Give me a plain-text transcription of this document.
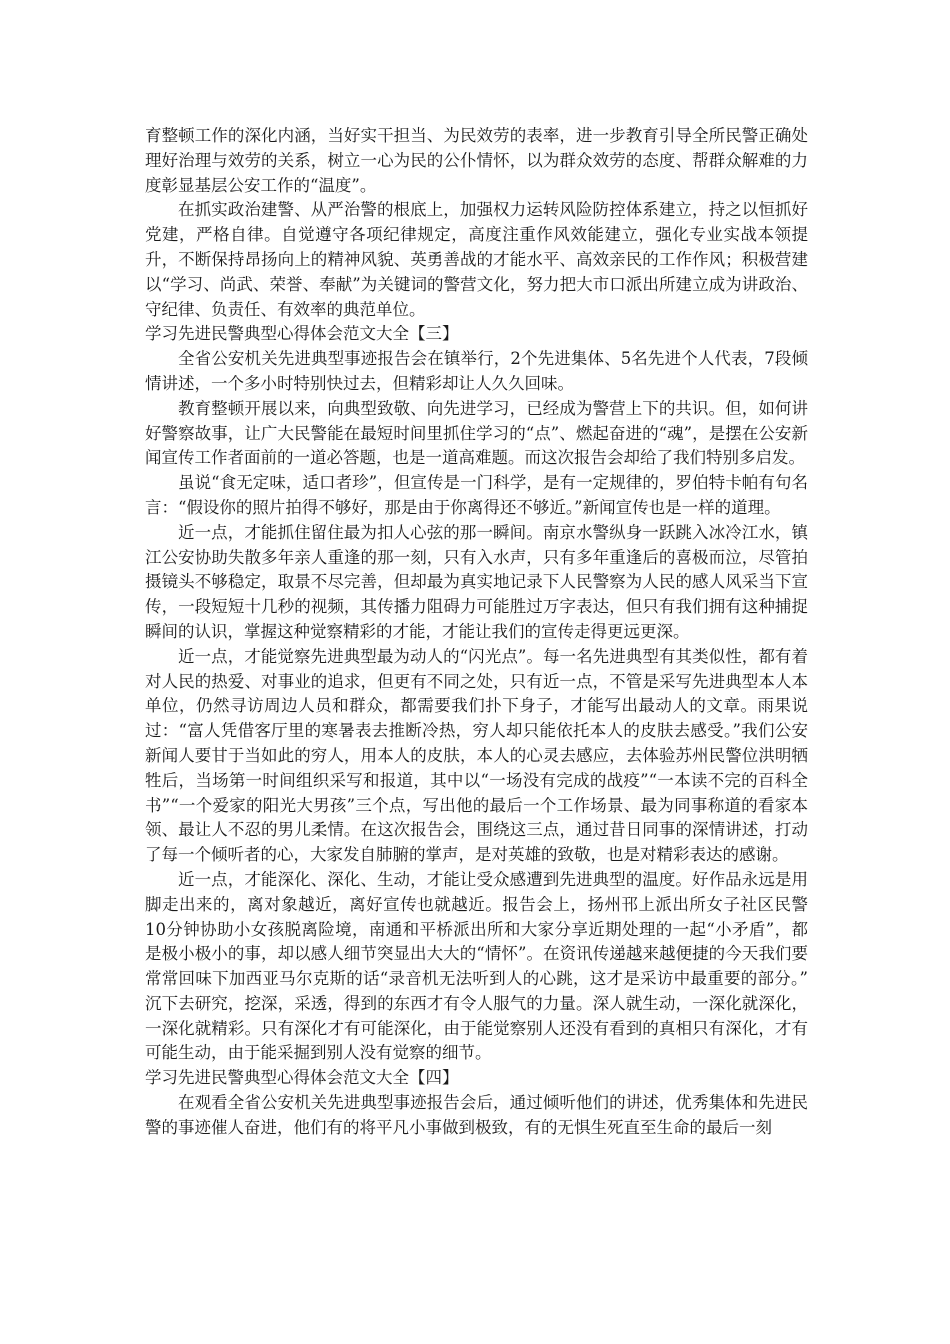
育整顿工作的深化内涵，当好实干担当、为民效劳的表率，进一步教育引导全所民警正确处理好治理与效劳的关系，树立一心为民的公仆情怀，以为群众效劳的态度、帮群众解难的力度彰显基层公安工作的“温度”。

在抓实政治建警、从严治警的根底上，加强权力运转风险防控体系建立，持之以恒抓好党建，严格自律。自觉遵守各项纪律规定，高度注重作风效能建立，强化专业实战本领提升，不断保持昂扬向上的精神风貌、英勇善战的才能水平、高效亲民的工作作风；积极营建以“学习、尚武、荣誉、奉献”为关键词的警营文化，努力把大市口派出所建立成为讲政治、守纪律、负责任、有效率的典范单位。

学习先进民警典型心得体会范文大全【三】

全省公安机关先进典型事迹报告会在镇举行，2个先进集体、5名先进个人代表，7段倾情讲述，一个多小时特别快过去，但精彩却让人久久回味。

教育整顿开展以来，向典型致敬、向先进学习，已经成为警营上下的共识。但，如何讲好警察故事，让广大民警能在最短时间里抓住学习的“点”、燃起奋进的“魂”，是摆在公安新闻宣传工作者面前的一道必答题，也是一道高难题。而这次报告会却给了我们特别多启发。

虽说“食无定味，适口者珍”，但宣传是一门科学，是有一定规律的，罗伯特卡帕有句名言：“假设你的照片拍得不够好，那是由于你离得还不够近。”新闻宣传也是一样的道理。

近一点，才能抓住留住最为扣人心弦的那一瞬间。南京水警纵身一跃跳入冰冷江水，镇江公安协助失散多年亲人重逢的那一刻，只有入水声，只有多年重逢后的喜极而泣，尽管拍摄镜头不够稳定，取景不尽完善，但却最为真实地记录下人民警察为人民的感人风采当下宣传，一段短短十几秒的视频，其传播力阻碍力可能胜过万字表达，但只有我们拥有这种捕捉瞬间的认识，掌握这种觉察精彩的才能，才能让我们的宣传走得更远更深。

近一点，才能觉察先进典型最为动人的“闪光点”。每一名先进典型有其类似性，都有着对人民的热爱、对事业的追求，但更有不同之处，只有近一点，不管是采写先进典型本人本单位，仍然寻访周边人员和群众，都需要我们扑下身子，才能写出最动人的文章。雨果说过：“富人凭借客厅里的寒暑表去推断冷热，穷人却只能依托本人的皮肤去感受。”我们公安新闻人要甘于当如此的穷人，用本人的皮肤，本人的心灵去感应，去体验苏州民警位洪明牺牲后，当场第一时间组织采写和报道，其中以“一场没有完成的战疫”“一本读不完的百科全书”“一个爱家的阳光大男孩”三个点，写出他的最后一个工作场景、最为同事称道的看家本领、最让人不忍的男儿柔情。在这次报告会，围绕这三点，通过昔日同事的深情讲述，打动了每一个倾听者的心，大家发自肺腑的掌声，是对英雄的致敬，也是对精彩表达的感谢。

近一点，才能深化、深化、生动，才能让受众感遭到先进典型的温度。好作品永远是用脚走出来的，离对象越近，离好宣传也就越近。报告会上，扬州邗上派出所女子社区民警10分钟协助小女孩脱离险境，南通和平桥派出所和大家分享近期处理的一起“小矛盾”，都是极小极小的事，却以感人细节突显出大大的“情怀”。在资讯传递越来越便捷的今天我们要常常回味下加西亚马尔克斯的话“录音机无法听到人的心跳，这才是采访中最重要的部分。” 沉下去研究，挖深，采透，得到的东西才有令人服气的力量。深人就生动，一深化就深化，一深化就精彩。只有深化才有可能深化，由于能觉察别人还没有看到的真相只有深化，才有可能生动，由于能采掘到别人没有觉察的细节。

学习先进民警典型心得体会范文大全【四】

在观看全省公安机关先进典型事迹报告会后，通过倾听他们的讲述，优秀集体和先进民警的事迹催人奋进，他们有的将平凡小事做到极致，有的无惧生死直至生命的最后一刻
